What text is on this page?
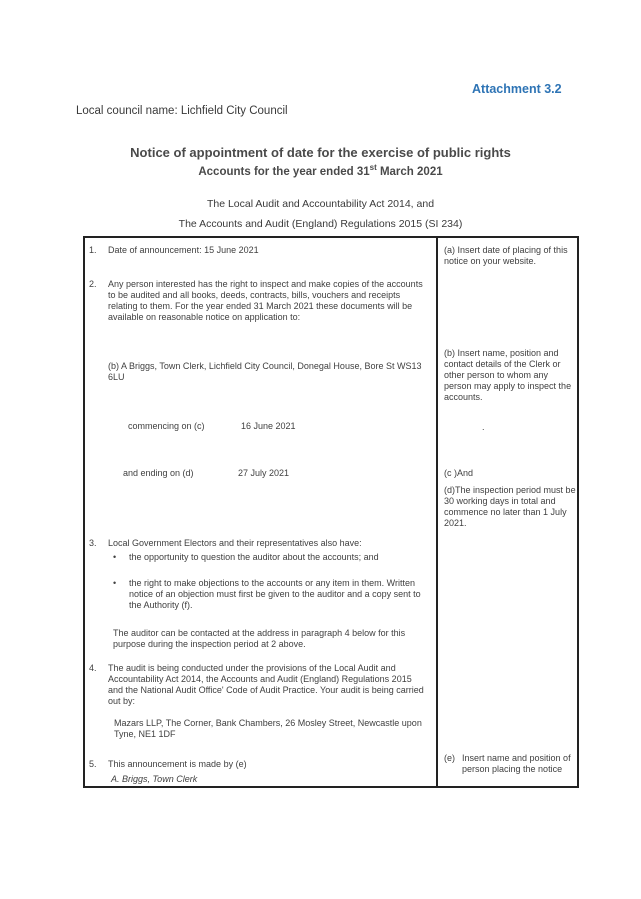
Attachment 3.2
Local council name: Lichfield City Council
Notice of appointment of date for the exercise of public rights
Accounts for the year ended 31st March 2021
The Local Audit and Accountability Act 2014, and
The Accounts and Audit (England) Regulations 2015 (SI 234)
1. Date of announcement: 15 June 2021
2. Any person interested has the right to inspect and make copies of the accounts to be audited and all books, deeds, contracts, bills, vouchers and receipts relating to them. For the year ended 31 March 2021 these documents will be available on reasonable notice on application to:
(b) A Briggs, Town Clerk, Lichfield City Council, Donegal House, Bore St WS13 6LU
commencing on (c)	16 June 2021
and ending on (d)	27 July 2021
3. Local Government Electors and their representatives also have:
• the opportunity to question the auditor about the accounts; and
• the right to make objections to the accounts or any item in them. Written notice of an objection must first be given to the auditor and a copy sent to the Authority (f).
The auditor can be contacted at the address in paragraph 4 below for this purpose during the inspection period at 2 above.
4. The audit is being conducted under the provisions of the Local Audit and Accountability Act 2014, the Accounts and Audit (England) Regulations 2015 and the National Audit Office' Code of Audit Practice. Your audit is being carried out by:
Mazars LLP, The Corner, Bank Chambers, 26 Mosley Street, Newcastle upon Tyne, NE1 1DF
5. This announcement is made by (e)
A. Briggs, Town Clerk
(a) Insert date of placing of this notice on your website.
(b) Insert name, position and contact details of the Clerk or other person to whom any person may apply to inspect the accounts.
.
(c )And
(d)The inspection period must be 30 working days in total and commence no later than 1 July 2021.
(e) Insert name and position of person placing the notice
